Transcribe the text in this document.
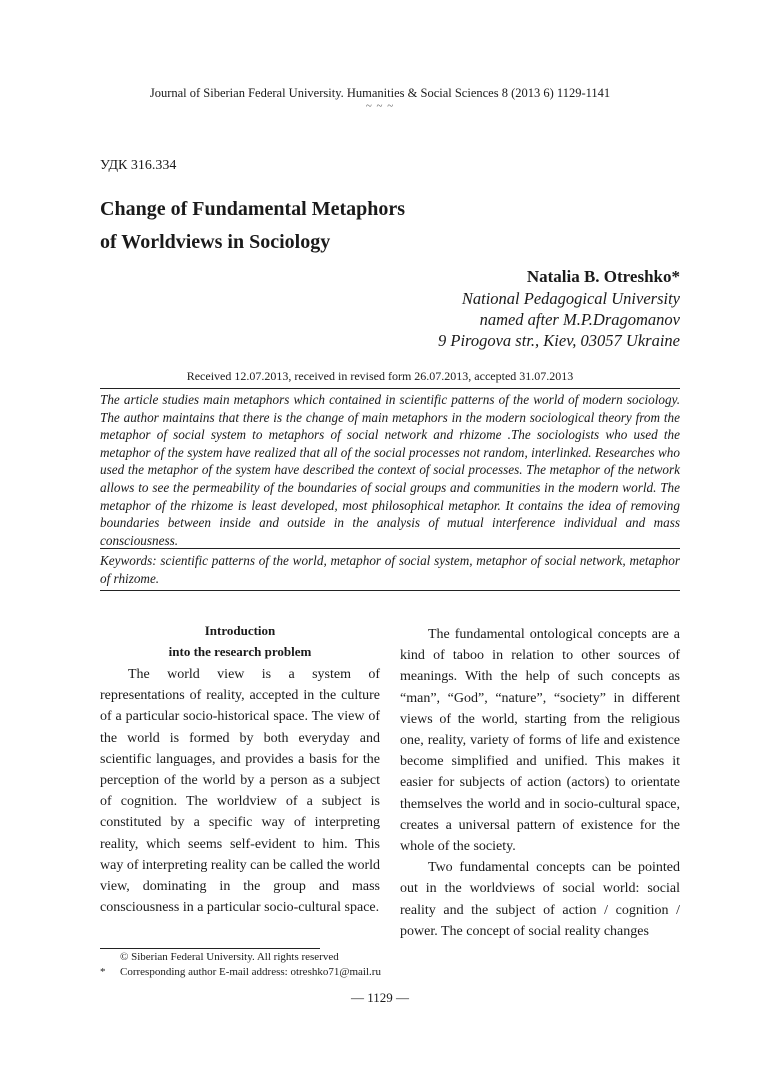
Journal of Siberian Federal University. Humanities & Social Sciences 8 (2013 6) 1129-1141
~ ~ ~
УДК 316.334
Change of Fundamental Metaphors
of Worldviews in Sociology
Natalia B. Otreshko*
National Pedagogical University
named after M.P.Dragomanov
9 Pirogova str., Kiev, 03057 Ukraine
Received 12.07.2013, received in revised form 26.07.2013, accepted 31.07.2013
The article studies main metaphors which contained in scientific patterns of the world of modern sociology. The author maintains that there is the change of main metaphors in the modern sociological theory from the metaphor of social system to metaphors of social network and rhizome .The sociologists who used the metaphor of the system have realized that all of the social processes not random, interlinked. Researches who used the metaphor of the system have described the context of social processes. The metaphor of the network allows to see the permeability of the boundaries of social groups and communities in the modern world. The metaphor of the rhizome is least developed, most philosophical metaphor. It contains the idea of removing boundaries between inside and outside in the analysis of mutual interference individual and mass consciousness.
Keywords: scientific patterns of the world, metaphor of social system, metaphor of social network, metaphor of rhizome.
Introduction
into the research problem

The world view is a system of representations of reality, accepted in the culture of a particular socio-historical space. The view of the world is formed by both everyday and scientific languages, and provides a basis for the perception of the world by a person as a subject of cognition. The worldview of a subject is constituted by a specific way of interpreting reality, which seems self-evident to him. This way of interpreting reality can be called the world view, dominating in the group and mass consciousness in a particular socio-cultural space.

The fundamental ontological concepts are a kind of taboo in relation to other sources of meanings. With the help of such concepts as “man”, “God”, “nature”, “society” in different views of the world, starting from the religious one, reality, variety of forms of life and existence become simplified and unified. This makes it easier for subjects of action (actors) to orientate themselves the world and in socio-cultural space, creates a universal pattern of existence for the whole of the society.

Two fundamental concepts can be pointed out in the worldviews of social world: social reality and the subject of action / cognition / power. The concept of social reality changes

© Siberian Federal University. All rights reserved
* Corresponding author E-mail address: otreshko71@mail.ru
— 1129 —
